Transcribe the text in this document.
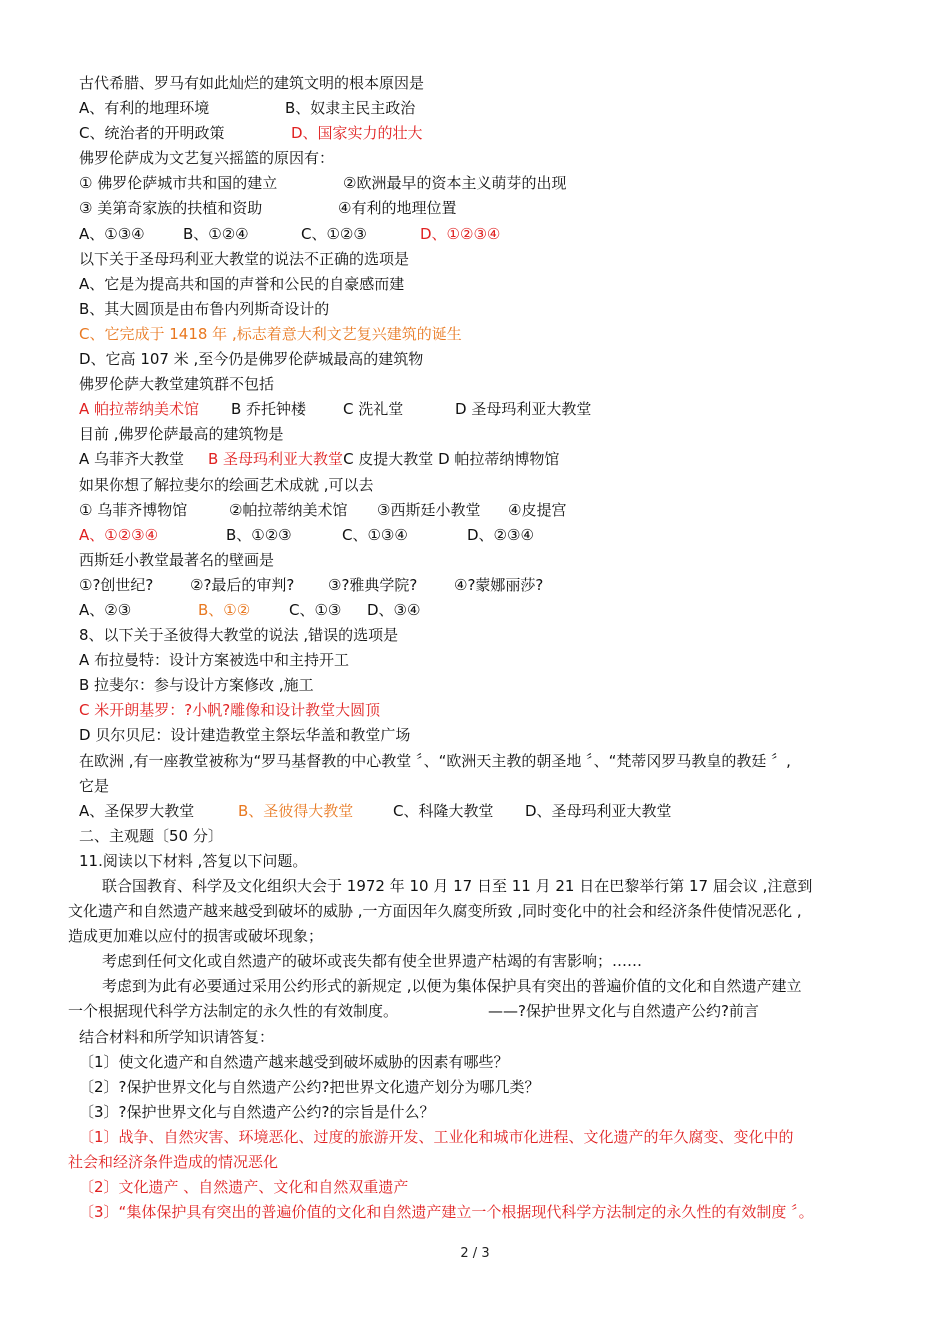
古代希腊、罗马有如此灿烂的建筑文明的根本原因是
A、有利的地理环境	B、奴隶主民主政治
C、统治者的开明政策	D、国家实力的壮大
佛罗伦萨成为文艺复兴摇篮的原因有：
① 佛罗伦萨城市共和国的建立	②欧洲最早的资本主义萌芽的出现
③ 美第奇家族的扶植和资助	④有利的地理位置
A、①③④	B、①②④	C、①②③	D、①②③④
以下关于圣母玛利亚大教堂的说法不正确的选项是
A、它是为提高共和国的声誉和公民的自豪感而建
B、其大圆顶是由布鲁内列斯奇设计的
C、它完成于 1418 年 ,标志着意大利文艺复兴建筑的诞生
D、它高 107 米 ,至今仍是佛罗伦萨城最高的建筑物
佛罗伦萨大教堂建筑群不包括
A 帕拉蒂纳美术馆 B 乔托钟楼 C 洗礼堂	D 圣母玛利亚大教堂
目前 ,佛罗伦萨最高的建筑物是
A 乌菲齐大教堂 B 圣母玛利亚大教堂C 皮提大教堂 D 帕拉蒂纳博物馆
如果你想了解拉斐尔的绘画艺术成就 ,可以去
① 乌菲齐博物馆	②帕拉蒂纳美术馆 ③西斯廷小教堂 ④皮提宫
A、①②③④	B、①②③	C、①③④	D、②③④
西斯廷小教堂最著名的壁画是
①?创世纪? ②?最后的审判? ③?雅典学院? ④?蒙娜丽莎?
A、②③	B、①②	C、①③ D、③④
8、以下关于圣彼得大教堂的说法 ,错误的选项是
A 布拉曼特：设计方案被选中和主持开工
B 拉斐尔：参与设计方案修改 ,施工
C 米开朗基罗：?小帆?雕像和设计教堂大圆顶
D 贝尔贝尼：设计建造教堂主祭坛华盖和教堂广场
在欧洲 ,有一座教堂被称为“罗马基督教的中心教堂 〞、“欧洲天主教的朝圣地 〞、“梵蒂冈罗马教皇的教廷 〞,
它是
A、圣保罗大教堂	B、圣彼得大教堂	C、科隆大教堂 D、圣母玛利亚大教堂
二、主观题〔50 分〕
11.阅读以下材料 ,答复以下问题。
联合国教育、科学及文化组织大会于 1972 年 10 月 17 日至 11 月 21 日在巴黎举行第 17 届会议 ,注意到
文化遗产和自然遗产越来越受到破坏的威胁 ,一方面因年久腐变所致 ,同时变化中的社会和经济条件使情况恶化 ,
造成更加难以应付的损害或破坏现象；
考虑到任何文化或自然遗产的破坏或丧失都有使全世界遗产枯竭的有害影响；……
考虑到为此有必要通过采用公约形式的新规定 ,以便为集体保护具有突出的普遍价值的文化和自然遗产建立
一个根据现代科学方法制定的永久性的有效制度。	——?保护世界文化与自然遗产公约?前言
结合材料和所学知识请答复：
〔1〕使文化遗产和自然遗产越来越受到破坏威胁的因素有哪些？
〔2〕?保护世界文化与自然遗产公约?把世界文化遗产划分为哪几类？
〔3〕?保护世界文化与自然遗产公约?的宗旨是什么？
〔1〕战争、自然灾害、环境恶化、过度的旅游开发、工业化和城市化进程、文化遗产的年久腐变、变化中的
社会和经济条件造成的情况恶化
〔2〕文化遗产 、自然遗产、文化和自然双重遗产
〔3〕“集体保护具有突出的普遍价值的文化和自然遗产建立一个根据现代科学方法制定的永久性的有效制度 〞。
2 / 3
